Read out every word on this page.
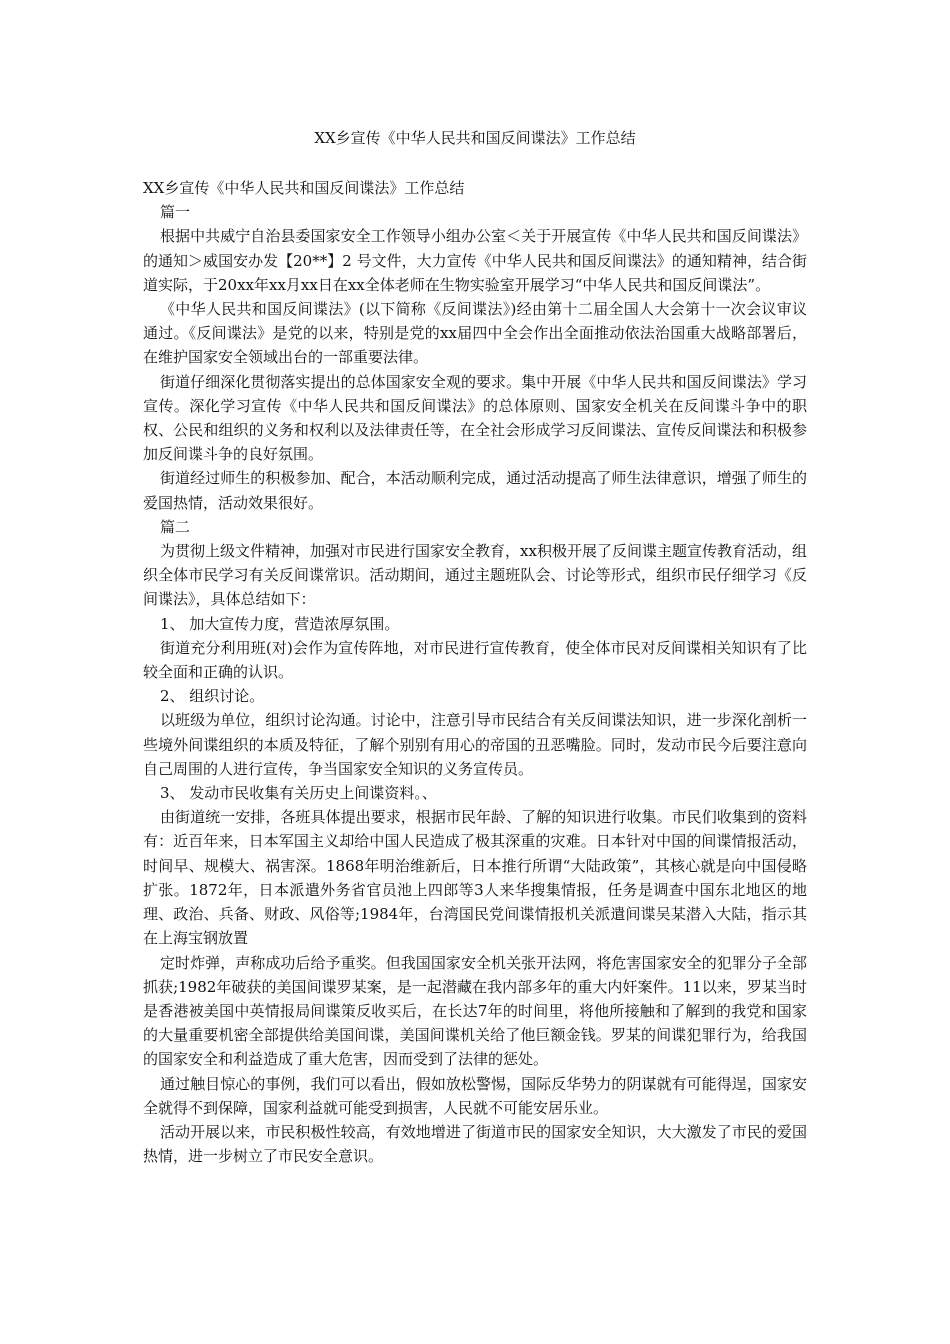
XX乡宣传《中华人民共和国反间谍法》工作总结

XX乡宣传《中华人民共和国反间谍法》工作总结

篇一

根据中共威宁自治县委国家安全工作领导小组办公室＜关于开展宣传《中华人民共和国反间谍法》的通知＞威国安办发【20**】2 号文件，大力宣传《中华人民共和国反间谍法》的通知精神，结合街道实际，于20xx年xx月xx日在xx全体老师在生物实验室开展学习“中华人民共和国反间谍法”。

《中华人民共和国反间谍法》(以下简称《反间谍法》)经由第十二届全国人大会第十一次会议审议通过。《反间谍法》是党的以来，特别是党的xx届四中全会作出全面推动依法治国重大战略部署后，在维护国家安全领域出台的一部重要法律。

街道仔细深化贯彻落实提出的总体国家安全观的要求。集中开展《中华人民共和国反间谍法》学习宣传。深化学习宣传《中华人民共和国反间谍法》的总体原则、国家安全机关在反间谍斗争中的职权、公民和组织的义务和权利以及法律责任等，在全社会形成学习反间谍法、宣传反间谍法和积极参加反间谍斗争的良好氛围。

街道经过师生的积极参加、配合，本活动顺利完成，通过活动提高了师生法律意识，增强了师生的爱国热情，活动效果很好。

篇二

为贯彻上级文件精神，加强对市民进行国家安全教育，xx积极开展了反间谍主题宣传教育活动，组织全体市民学习有关反间谍常识。活动期间，通过主题班队会、讨论等形式，组织市民仔细学习《反间谍法》，具体总结如下：

1、 加大宣传力度，营造浓厚氛围。

街道充分利用班(对)会作为宣传阵地，对市民进行宣传教育，使全体市民对反间谍相关知识有了比较全面和正确的认识。

2、 组织讨论。

以班级为单位，组织讨论沟通。讨论中，注意引导市民结合有关反间谍法知识，进一步深化剖析一些境外间谍组织的本质及特征，了解个别别有用心的帝国的丑恶嘴脸。同时，发动市民今后要注意向自己周围的人进行宣传，争当国家安全知识的义务宣传员。

3、 发动市民收集有关历史上间谍资料。、

由街道统一安排，各班具体提出要求，根据市民年龄、了解的知识进行收集。市民们收集到的资料有：近百年来，日本军国主义却给中国人民造成了极其深重的灾难。日本针对中国的间谍情报活动，时间早、规模大、祸害深。1868年明治维新后，日本推行所谓“大陆政策”，其核心就是向中国侵略扩张。1872年，日本派遣外务省官员池上四郎等3人来华搜集情报，任务是调查中国东北地区的地理、政治、兵备、财政、风俗等;1984年，台湾国民党间谍情报机关派遣间谍吴某潜入大陆，指示其在上海宝钢放置

定时炸弹，声称成功后给予重奖。但我国国家安全机关张开法网，将危害国家安全的犯罪分子全部抓获;1982年破获的美国间谍罗某案，是一起潜藏在我内部多年的重大内奸案件。11以来，罗某当时是香港被美国中英情报局间谍策反收买后，在长达7年的时间里，将他所接触和了解到的我党和国家的大量重要机密全部提供给美国间谍，美国间谍机关给了他巨额金钱。罗某的间谍犯罪行为，给我国的国家安全和利益造成了重大危害，因而受到了法律的惩处。

通过触目惊心的事例，我们可以看出，假如放松警惕，国际反华势力的阴谋就有可能得逞，国家安全就得不到保障，国家利益就可能受到损害，人民就不可能安居乐业。

活动开展以来，市民积极性较高，有效地增进了街道市民的国家安全知识，大大激发了市民的爱国热情，进一步树立了市民安全意识。
